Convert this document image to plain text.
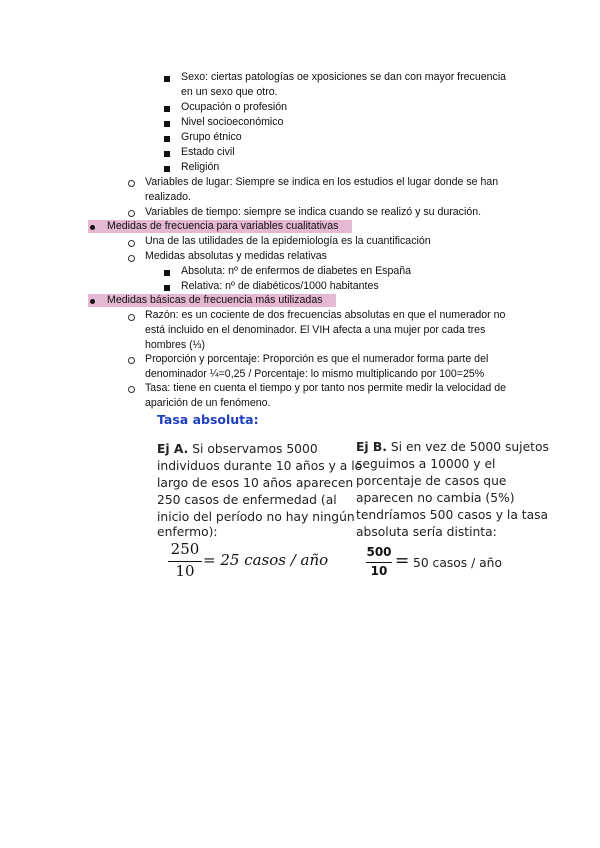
Sexo: ciertas patologías oe xposiciones se dan con mayor frecuencia
en un sexo que otro.
Ocupación o profesión
Nivel socioeconómico
Grupo étnico
Estado civil
Religión
Variables de lugar: Siempre se indica en los estudios el lugar donde se han
realizado.
Variables de tiempo: siempre se indica cuando se realizó y su duración.
Medidas de frecuencia para variables cualitativas
Una de las utilidades de la epidemiología es la cuantificación
Medidas absolutas y medidas relativas
Absoluta: nº de enfermos de diabetes en España
Relativa: nº de diabéticos/1000 habitantes
Medidas básicas de frecuencia más utilizadas
Razón: es un cociente de dos frecuencias absolutas en que el numerador no
está incluido en el denominador. El VIH afecta a una mujer por cada tres
hombres (⅓)
Proporción y porcentaje: Proporción es que el numerador forma parte del
denominador ¼=0,25 / Porcentaje: lo mismo multiplicando por 100=25%
Tasa: tiene en cuenta el tiempo y por tanto nos permite medir la velocidad de
aparición de un fenómeno.
Tasa absoluta:
Ej A. Si observamos 5000
individuos durante 10 años y a lo
largo de esos 10 años aparecen
250 casos de enfermedad (al
inicio del período no hay ningún
enfermo):
250
10
= 25 casos / año
Ej B. Si en vez de 5000 sujetos
seguimos a 10000 y el
porcentaje de casos que
aparecen no cambia (5%)
tendríamos 500 casos y la tasa
absoluta sería distinta:
500
10 = 50 casos / año
